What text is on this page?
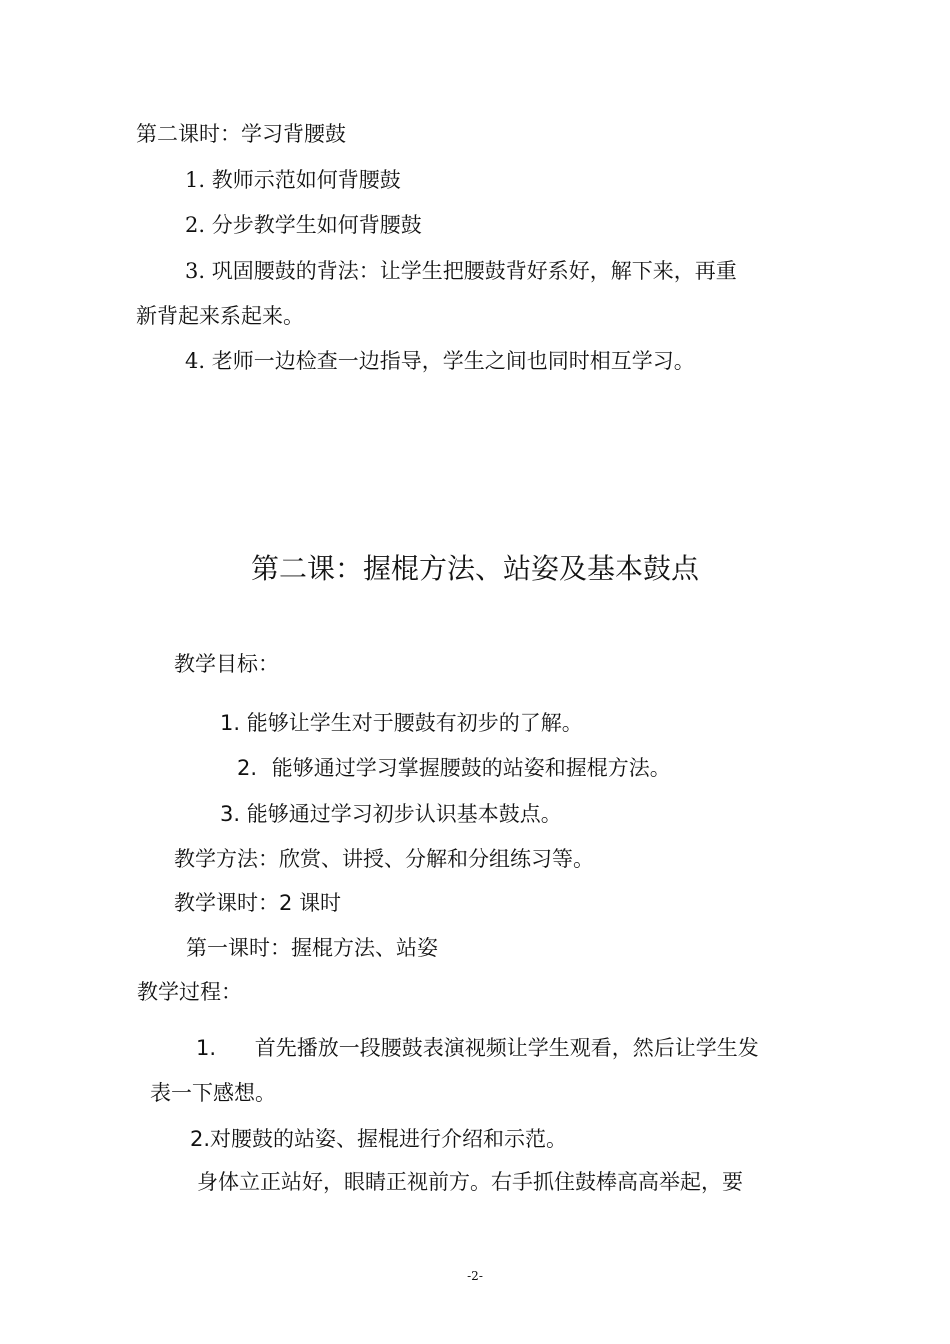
第二课时：学习背腰鼓
1. 教师示范如何背腰鼓
2. 分步教学生如何背腰鼓
3. 巩固腰鼓的背法：让学生把腰鼓背好系好，解下来，再重
新背起来系起来。
4. 老师一边检查一边指导，学生之间也同时相互学习。
第二课：握棍方法、站姿及基本鼓点
教学目标：
1. 能够让学生对于腰鼓有初步的了解。
2. 能够通过学习掌握腰鼓的站姿和握棍方法。
3. 能够通过学习初步认识基本鼓点。
教学方法：欣赏、讲授、分解和分组练习等。
教学课时：2 课时
第一课时：握棍方法、站姿
教学过程：
1. 首先播放一段腰鼓表演视频让学生观看，然后让学生发
表一下感想。
2.对腰鼓的站姿、握棍进行介绍和示范。
身体立正站好，眼睛正视前方。右手抓住鼓棒高高举起，要
-2-
